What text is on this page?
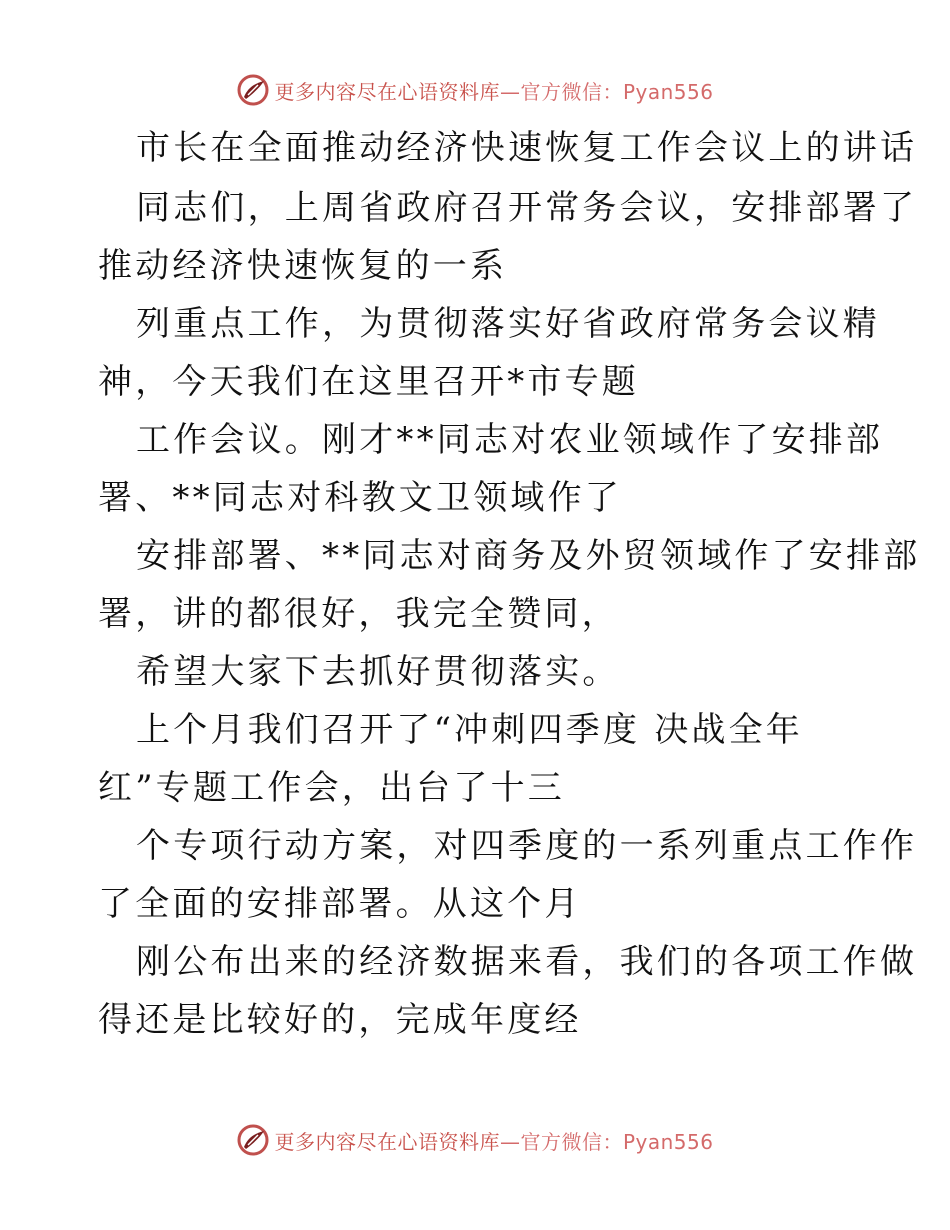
更多内容尽在心语资料库—官方微信：Pyan556
市长在全面推动经济快速恢复工作会议上的讲话
同志们，上周省政府召开常务会议，安排部署了
推动经济快速恢复的一系
列重点工作，为贯彻落实好省政府常务会议精
神，今天我们在这里召开*市专题
工作会议。刚才**同志对农业领域作了安排部
署、**同志对科教文卫领域作了
安排部署、**同志对商务及外贸领域作了安排部
署，讲的都很好，我完全赞同，
希望大家下去抓好贯彻落实。
上个月我们召开了“冲刺四季度 决战全年
红”专题工作会，出台了十三
个专项行动方案，对四季度的一系列重点工作作
了全面的安排部署。从这个月
刚公布出来的经济数据来看，我们的各项工作做
得还是比较好的，完成年度经
更多内容尽在心语资料库—官方微信：Pyan556
